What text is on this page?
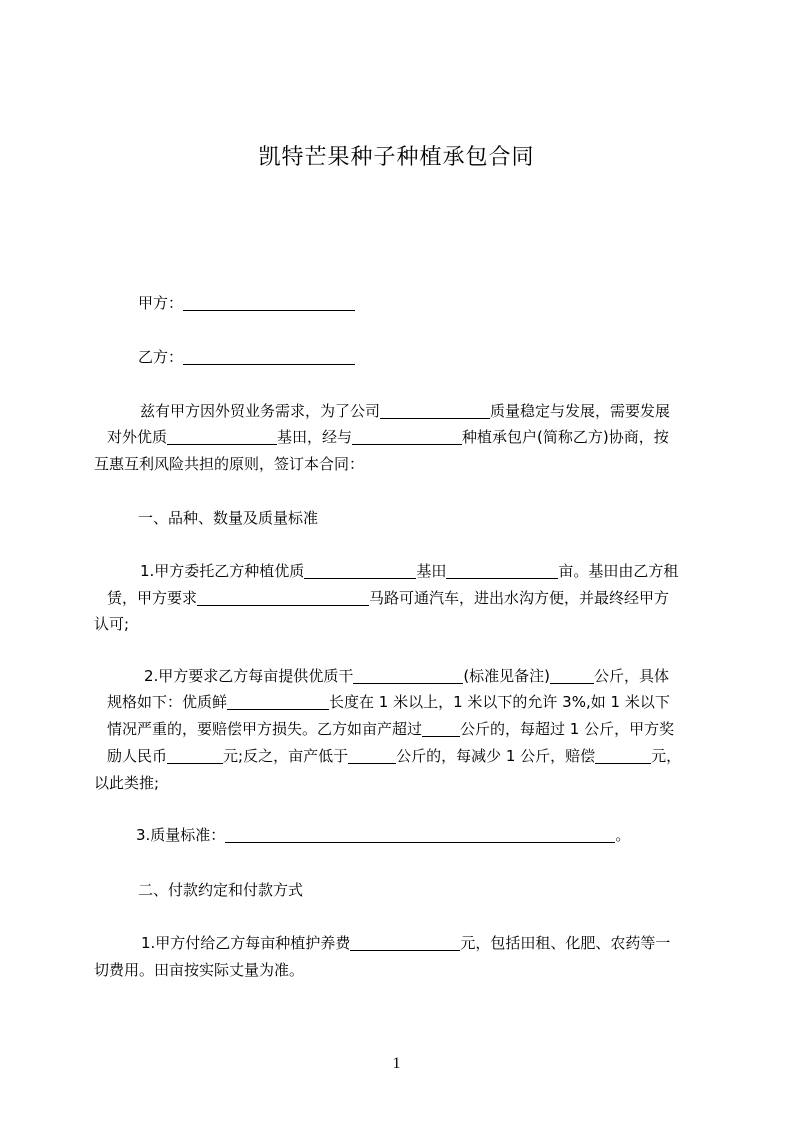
凯特芒果种子种植承包合同
甲方：
乙方：
兹有甲方因外贸业务需求，为了公司	质量稳定与发展，需要发展
对外优质	基田，经与	种植承包户(简称乙方)协商，按
互惠互利风险共担的原则，签订本合同：
一、品种、数量及质量标准
1.甲方委托乙方种植优质	基田	亩。基田由乙方租
赁，甲方要求	马路可通汽车，进出水沟方便，并最终经甲方
认可;
2.甲方要求乙方每亩提供优质干	(标准见备注)	公斤，具体
规格如下：优质鲜	长度在 1 米以上，1 米以下的允许 3%,如 1 米以下
情况严重的，要赔偿甲方损失。乙方如亩产超过	公斤的，每超过 1 公斤，甲方奖
励人民币	元;反之，亩产低于	公斤的，每减少 1 公斤，赔偿	元，
以此类推;
3.质量标准：	。
二、付款约定和付款方式
1.甲方付给乙方每亩种植护养费	元，包括田租、化肥、农药等一
切费用。田亩按实际丈量为准。
1
